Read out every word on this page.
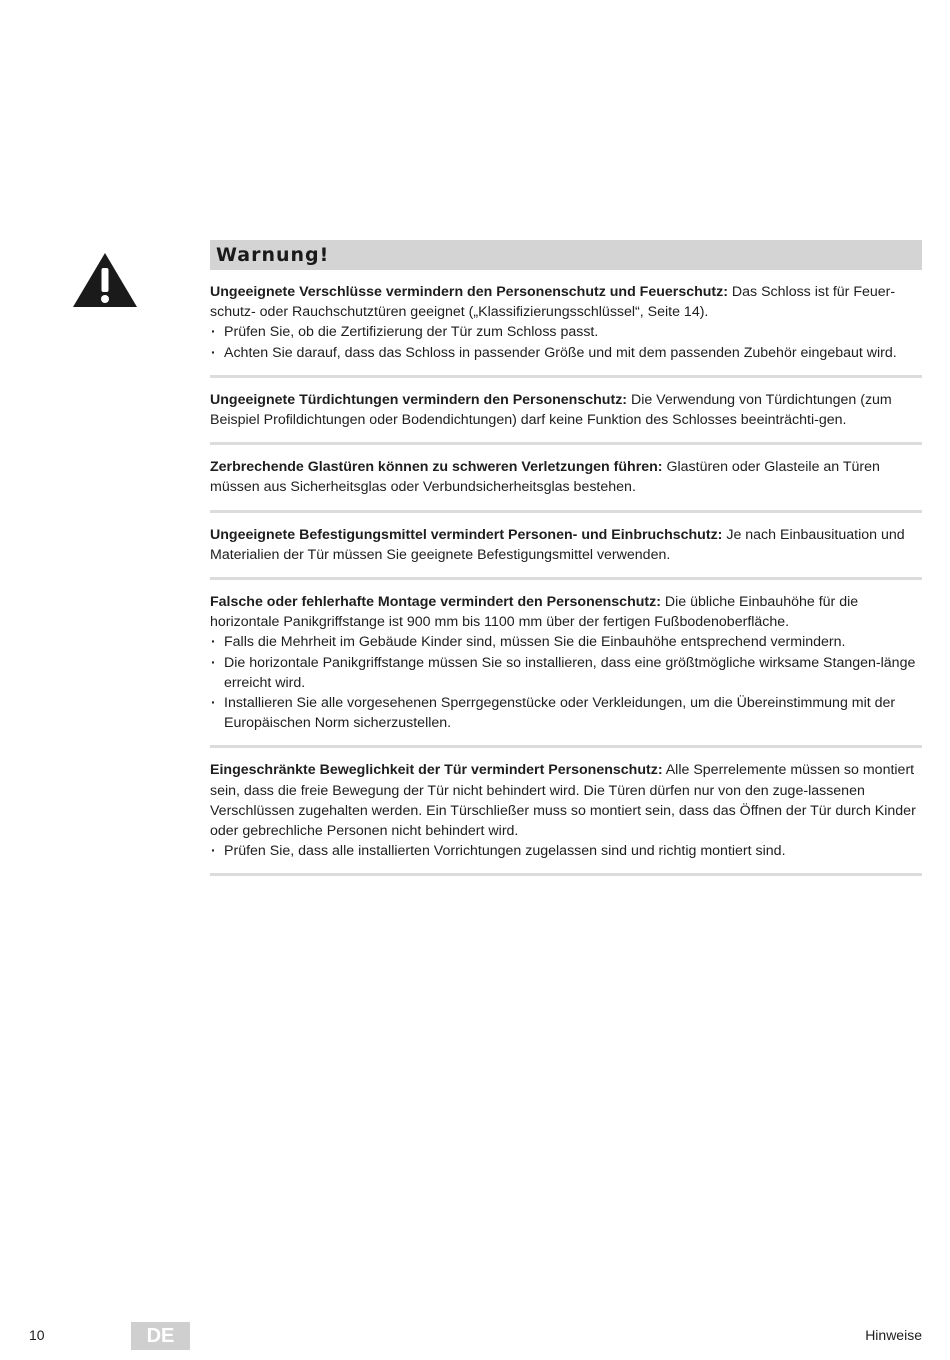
Warnung!

Ungeeignete Verschlüsse vermindern den Personenschutz und Feuerschutz: Das Schloss ist für Feuer-schutz- oder Rauchschutztüren geeignet („Klassifizierungsschlüssel“, Seite 14).

· Prüfen Sie, ob die Zertifizierung der Tür zum Schloss passt.
· Achten Sie darauf, dass das Schloss in passender Größe und mit dem passenden Zubehör eingebaut wird.

Ungeeignete Türdichtungen vermindern den Personenschutz: Die Verwendung von Türdichtungen (zum Beispiel Profildichtungen oder Bodendichtungen) darf keine Funktion des Schlosses beeinträchti-gen.

Zerbrechende Glastüren können zu schweren Verletzungen führen: Glastüren oder Glasteile an Türen müssen aus Sicherheitsglas oder Verbundsicherheitsglas bestehen.

Ungeeignete Befestigungsmittel vermindert Personen- und Einbruchschutz: Je nach Einbausituation und Materialien der Tür müssen Sie geeignete Befestigungsmittel verwenden.

Falsche oder fehlerhafte Montage vermindert den Personenschutz: Die übliche Einbauhöhe für die horizontale Panikgriffstange ist 900 mm bis 1100 mm über der fertigen Fußbodenoberfläche.

· Falls die Mehrheit im Gebäude Kinder sind, müssen Sie die Einbauhöhe entsprechend vermindern.
· Die horizontale Panikgriffstange müssen Sie so installieren, dass eine größtmögliche wirksame Stangen-länge erreicht wird.
· Installieren Sie alle vorgesehenen Sperrgegenstücke oder Verkleidungen, um die Übereinstimmung mit der Europäischen Norm sicherzustellen.

Eingeschränkte Beweglichkeit der Tür vermindert Personenschutz: Alle Sperrelemente müssen so montiert sein, dass die freie Bewegung der Tür nicht behindert wird. Die Türen dürfen nur von den zuge-lassenen Verschlüssen zugehalten werden. Ein Türschließer muss so montiert sein, dass das Öffnen der Tür durch Kinder oder gebrechliche Personen nicht behindert wird.

· Prüfen Sie, dass alle installierten Vorrichtungen zugelassen sind und richtig montiert sind.
10	DE	Hinweise
